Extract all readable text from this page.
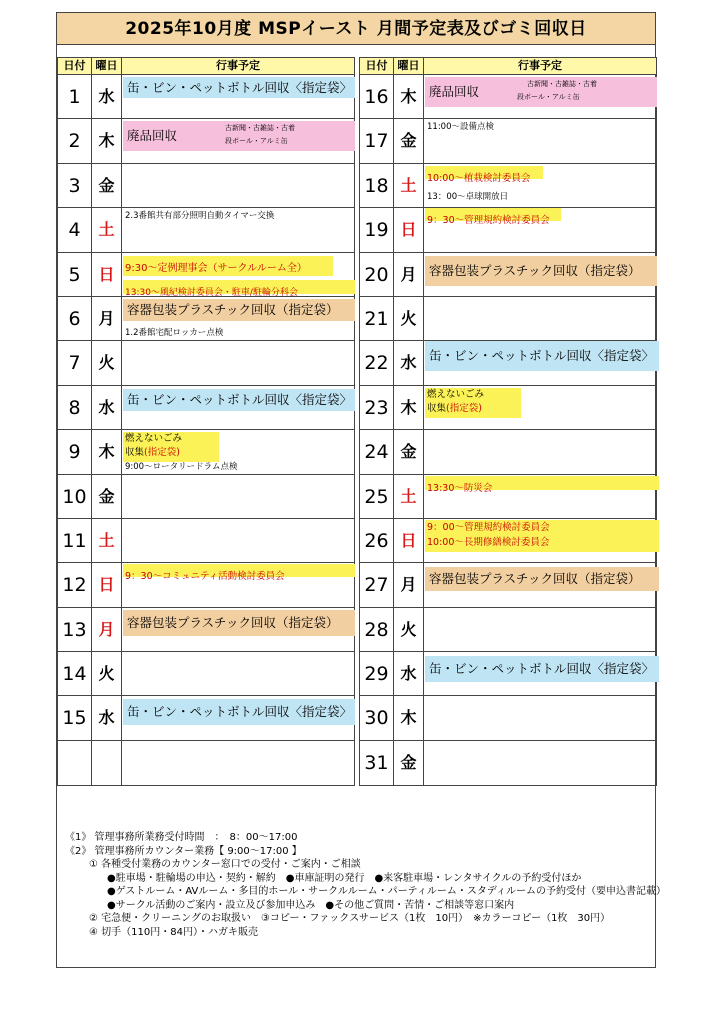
2025年10月度 MSPイースト 月間予定表及びゴミ回収日
日付 曜日	行事予定
1	水	缶・ビン・ペットボトル回収〈指定袋〉
2	木	廃品回収	古新聞・古雑誌・古着
段ボール・アルミ缶
3	金
4	土
2.3番館共有部分照明自動タイマー交換
5	日	9:30～定例理事会（サークルルーム全）
13:30～風紀検討委員会・駐車/駐輪分科会
6	月	容器包装プラスチック回収（指定袋）
1.2番館宅配ロッカー点検
7	火
8	水	缶・ビン・ペットボトル回収〈指定袋〉
9	木
燃えないごみ
収集(指定袋)
9:00～ロータリードラム点検
10 金
11 土
12 日	9：30～コミュニティ活動検討委員会
13 月	容器包装プラスチック回収（指定袋）
14 火
15 水	缶・ビン・ペットボトル回収〈指定袋〉
日付 曜日	行事予定
16 木	廃品回収	古新聞・古雑誌・古着
段ボール・アルミ缶
17 金
11:00～設備点検
18 土	10:00～植栽検討委員会
13：00～卓球開放日
19 日	9：30～管理規約検討委員会
20 月	容器包装プラスチック回収（指定袋）
21 火
22 水	缶・ビン・ペットボトル回収〈指定袋〉
23 木
燃えないごみ
収集(指定袋)
24 金
25 土	13:30～防災会
26 日
9：00～管理規約検討委員会
10:00～長期修繕検討委員会
27 月	容器包装プラスチック回収（指定袋）
28 火
29 水	缶・ビン・ペットボトル回収〈指定袋〉
30 木
31 金
《1》 管理事務所業務受付時間　：　8：00～17:00
《2》 管理事務所カウンター業務【 9:00～17:00 】
① 各種受付業務のカウンター窓口での受付・ご案内・ご相談
●駐車場・駐輪場の申込・契約・解約　●車庫証明の発行　●来客駐車場・レンタサイクルの予約受付ほか
●ゲストルーム・AVルーム・多目的ホール・サークルルーム・パーティルーム・スタディルームの予約受付（要申込書記載）
●サークル活動のご案内・設立及び参加申込み　●その他ご質問・苦情・ご相談等窓口案内
② 宅急便・クリーニングのお取扱い　③コピー・ファックスサービス（1枚　10円）　※カラーコピー（1枚　30円）
④ 切手（110円・84円）・ハガキ販売
